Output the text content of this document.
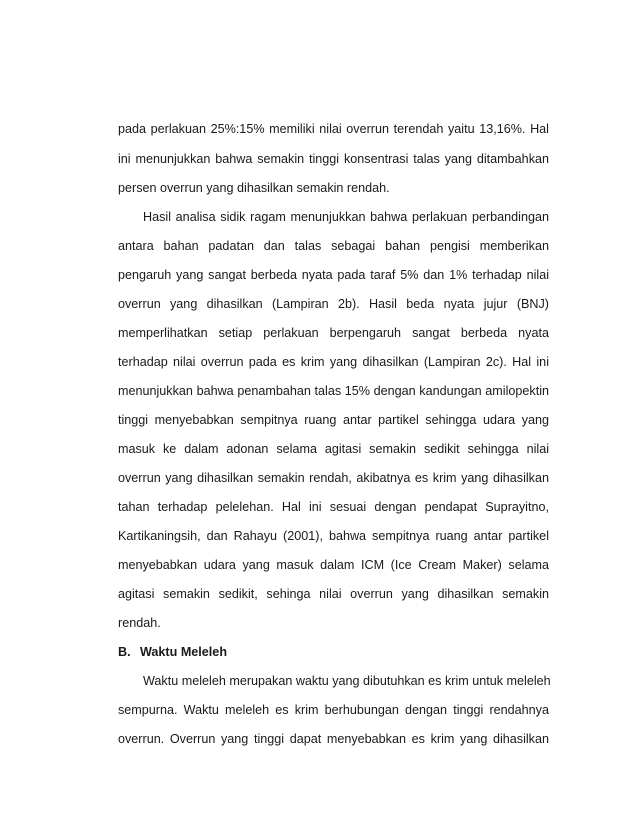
pada perlakuan 25%:15% memiliki nilai overrun terendah yaitu 13,16%. Hal
ini menunjukkan bahwa semakin tinggi konsentrasi talas yang ditambahkan
persen overrun yang dihasilkan semakin rendah.
Hasil analisa sidik ragam menunjukkan bahwa perlakuan perbandingan
antara bahan padatan dan talas sebagai bahan pengisi memberikan
pengaruh yang sangat berbeda nyata pada taraf 5% dan 1% terhadap nilai
overrun yang dihasilkan (Lampiran 2b). Hasil beda nyata jujur (BNJ)
memperlihatkan setiap perlakuan berpengaruh sangat berbeda nyata
terhadap nilai overrun pada es krim yang dihasilkan (Lampiran 2c). Hal ini
menunjukkan bahwa penambahan talas 15% dengan kandungan amilopektin
tinggi menyebabkan sempitnya ruang antar partikel sehingga udara yang
masuk ke dalam adonan selama agitasi semakin sedikit sehingga nilai
overrun yang dihasilkan semakin rendah, akibatnya es krim yang dihasilkan
tahan terhadap pelelehan. Hal ini sesuai dengan pendapat Suprayitno,
Kartikaningsih, dan Rahayu (2001), bahwa sempitnya ruang antar partikel
menyebabkan udara yang masuk dalam ICM (Ice Cream Maker) selama
agitasi semakin sedikit, sehinga nilai overrun yang dihasilkan semakin
rendah.
B. Waktu Meleleh
Waktu meleleh merupakan waktu yang dibutuhkan es krim untuk meleleh
sempurna. Waktu meleleh es krim berhubungan dengan tinggi rendahnya
overrun. Overrun yang tinggi dapat menyebabkan es krim yang dihasilkan
